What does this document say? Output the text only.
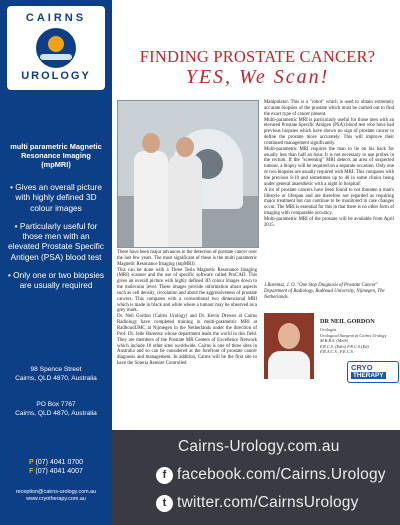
CAIRNS
UROLOGY
multi parametric Magnetic Resonance Imaging (mpMRI)
• Gives an overall picture with highly defined 3D colour images
• Particularly useful for those men with an elevated Prostate Specific Antigen (PSA) blood test
• Only one or two biopsies are usually required
98 Spence Street
Cairns, QLD 4870, Australia
PO Box 7767
Cairns, QLD 4870, Australia
P (07) 4041 0700
F (07) 4041 4007
reception@cairns-urology.com.au
www.cryotherapy.com.au
FINDING PROSTATE CANCER?
YES, We Scan!

There have been major advances in the detection of prostate cancer over the last few years. The most significant of these is the multi parametric Magnetic Resonance Imaging (mpMRI).

This can be done with a Three Tesla Magnetic Resonance Imaging (MRI) scanner and the use of specific software called ProCAD. This gives an overall picture with highly defined 3D colour images down to the molecular level. These images provide information about aspects such as cell density, circulation and about the aggressiveness of prostate cancers. This compares with a conventional two dimensional MRI which is made in black and white where a tumour may be observed as a grey mark.

Dr. Neil Gordon (Cairns Urology) and Dr. Kevin Drewes at Cairns Radiology have completed training in multi-parametric MRI at RadboudUMC at Nijmegen in the Netherlands under the direction of Prof. Dr. Jelle Barentsz whose department leads the world in this field. They are members of the Prostate MR Centers of Excellence Network which include 10 other sites worldwide. Cairns is one of three sites in Australia and so can be considered at the forefront of prostate cancer diagnosis and management. In addition, Cairns will be the first site to have the Soteria Remote Controlled

Manipulator. This is a "robot" which is used to obtain extremely accurate biopsies of the prostate which must be carried out to find the exact type of cancer present.

Multi-parametric MRI is particularly useful for those men with an elevated Prostate Specific Antigen (PSA) blood test who have had previous biopsies which have shown no sign of prostate cancer to define the prostate more accurately. This will improve their continued management significantly.

Multi-parametric MRI requires the man to lie on his back for usually less than half an hour. It is not necessary to use probes in the rectum. If the "screening" MRI detects an area of suspected tumour, a biopsy will be required on a separate occasion. Only one or two biopsies are usually required with MRI. This compares with the previous 8-10 and sometimes up to 40 in some clinics being under general anaesthetic with a night in hospital!

A lot of prostate cancers have been found to not threaten a man's lifestyle or lifespan and are therefore not regarded as requiring major treatment but can continue to be monitored in case changes occur. The MRI is essential for this in that there is no other form of imaging with comparable accuracy.

Multi-parametric MRI of the prostate will be available from April 2015.

J.Barentsz, J. O. "One Stop Diagnosis of Prostate Cancer" Department of Radiology, Radboud University, Nijmegen, The Netherlands.
DR NEIL GORDON
Urologist
Urological Surgeon at Cairns Urology
M.B.B.S. (Melb)
F.R.C.S. (Edin) F.R.C.S.(Ed)
F.R.A.C.S., F.E.C.S.
CRYO
THERAPY
Cairns-Urology.com.au
f facebook.com/Cairns.Urology
t twitter.com/CairnsUrology
